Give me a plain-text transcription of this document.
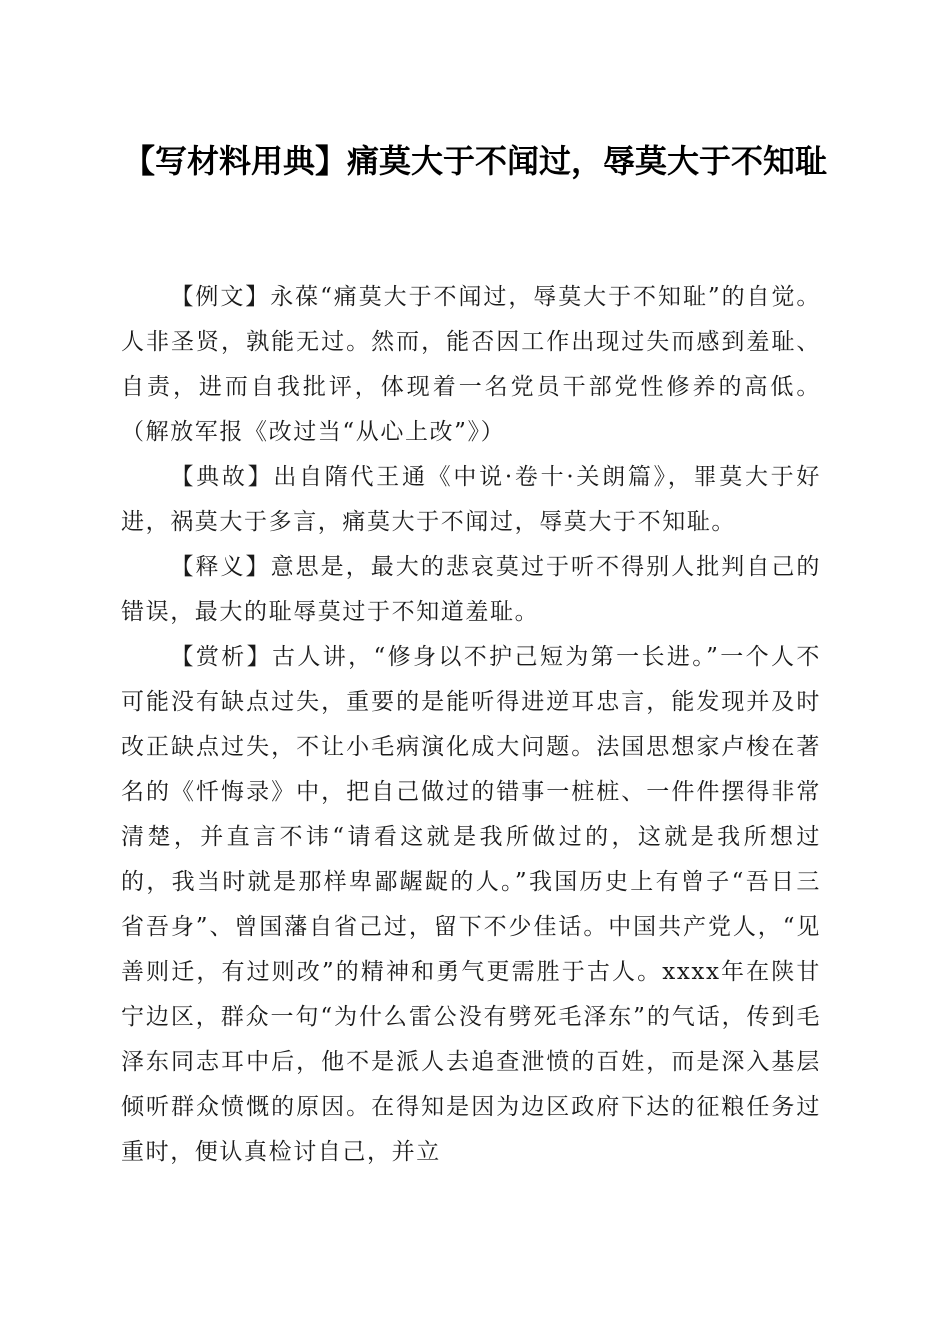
【写材料用典】痛莫大于不闻过，辱莫大于不知耻

【例文】永葆“痛莫大于不闻过，辱莫大于不知耻”的自觉。人非圣贤，孰能无过。然而，能否因工作出现过失而感到羞耻、自责，进而自我批评，体现着一名党员干部党性修养的高低。（解放军报《改过当“从心上改”》）

【典故】出自隋代王通《中说·卷十·关朗篇》，罪莫大于好进，祸莫大于多言，痛莫大于不闻过，辱莫大于不知耻。

【释义】意思是，最大的悲哀莫过于听不得别人批判自己的错误，最大的耻辱莫过于不知道羞耻。

【赏析】古人讲，“修身以不护己短为第一长进。”一个人不可能没有缺点过失，重要的是能听得进逆耳忠言，能发现并及时改正缺点过失，不让小毛病演化成大问题。法国思想家卢梭在著名的《忏悔录》中，把自己做过的错事一桩桩、一件件摆得非常清楚，并直言不讳“请看这就是我所做过的，这就是我所想过的，我当时就是那样卑鄙龌龊的人。”我国历史上有曾子“吾日三省吾身”、曾国藩自省己过，留下不少佳话。中国共产党人，“见善则迁，有过则改”的精神和勇气更需胜于古人。xxxx年在陕甘宁边区，群众一句“为什么雷公没有劈死毛泽东”的气话，传到毛泽东同志耳中后，他不是派人去追查泄愤的百姓，而是深入基层倾听群众愤慨的原因。在得知是因为边区政府下达的征粮任务过重时，便认真检讨自己，并立
